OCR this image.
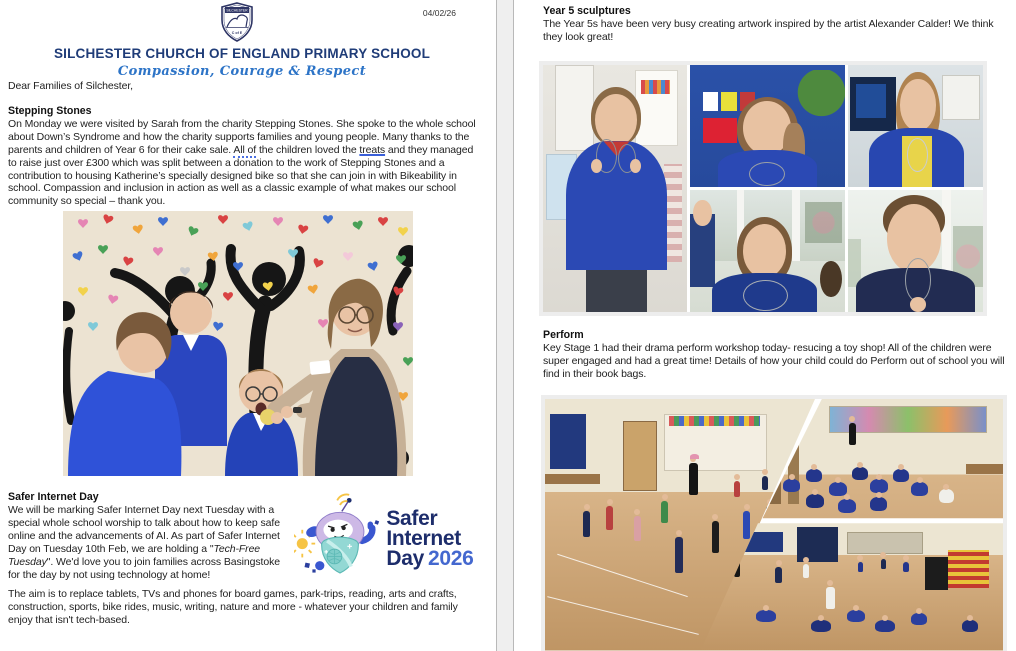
SILCHESTER
C of E
04/02/26
SILCHESTER CHURCH OF ENGLAND PRIMARY SCHOOL
Compassion, Courage & Respect

Dear Families of Silchester,

Stepping Stones

On Monday we were visited by Sarah from the charity Stepping Stones. She spoke to the whole school about Down’s Syndrome and how the charity supports families and young people. Many thanks to the parents and children of Year 6 for their cake sale. All of the children loved the treats and they managed to raise just over £300 which was split between a donation to the work of Stepping Stones and a contribution to housing Katherine’s specially designed bike so that she can join in with Bikeability in school. Compassion and inclusion in action as well as a classic example of what makes our school community so special – thank you.

Safer Internet Day

We will be marking Safer Internet Day next Tuesday with a special whole school worship to talk about how to keep safe online and the advancements of AI. As part of Safer Internet Day on Tuesday 10th Feb, we are holding a "Tech-Free Tuesday". We'd love you to join families across Basingstoke for the day by not using technology at home!

Safer
Internet
Day 2026

The aim is to replace tablets, TVs and phones for board games, park-trips, reading, arts and crafts, construction, sports, bike rides, music, writing, nature and more - whatever your children and family enjoy that isn't tech-based.

Year 5 sculptures

The Year 5s have been very busy creating artwork inspired by the artist Alexander Calder! We think they look great!

Perform

Key Stage 1 had their drama perform workshop today- resucing a toy shop! All of the children were super engaged and had a great time! Details of how your child could do Perform out of school you will find in their book bags.
